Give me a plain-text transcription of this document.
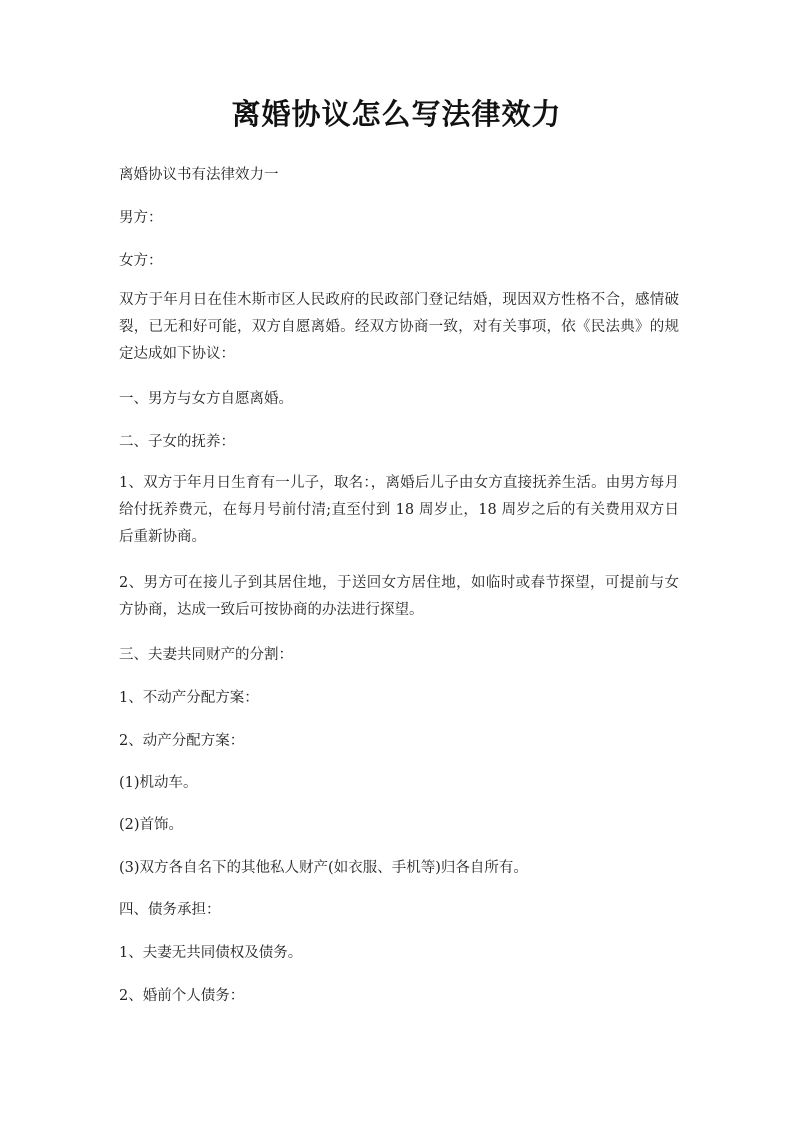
离婚协议怎么写法律效力
离婚协议书有法律效力一
男方：
女方：
双方于年月日在佳木斯市区人民政府的民政部门登记结婚，现因双方性格不合，感情破裂，已无和好可能，双方自愿离婚。经双方协商一致，对有关事项，依《民法典》的规定达成如下协议：
一、男方与女方自愿离婚。
二、子女的抚养：
1、双方于年月日生育有一儿子，取名：，离婚后儿子由女方直接抚养生活。由男方每月给付抚养费元，在每月号前付清;直至付到 18 周岁止，18 周岁之后的有关费用双方日后重新协商。
2、男方可在接儿子到其居住地，于送回女方居住地，如临时或春节探望，可提前与女方协商，达成一致后可按协商的办法进行探望。
三、夫妻共同财产的分割：
1、不动产分配方案：
2、动产分配方案：
(1)机动车。
(2)首饰。
(3)双方各自名下的其他私人财产(如衣服、手机等)归各自所有。
四、债务承担：
1、夫妻无共同债权及债务。
2、婚前个人债务：
